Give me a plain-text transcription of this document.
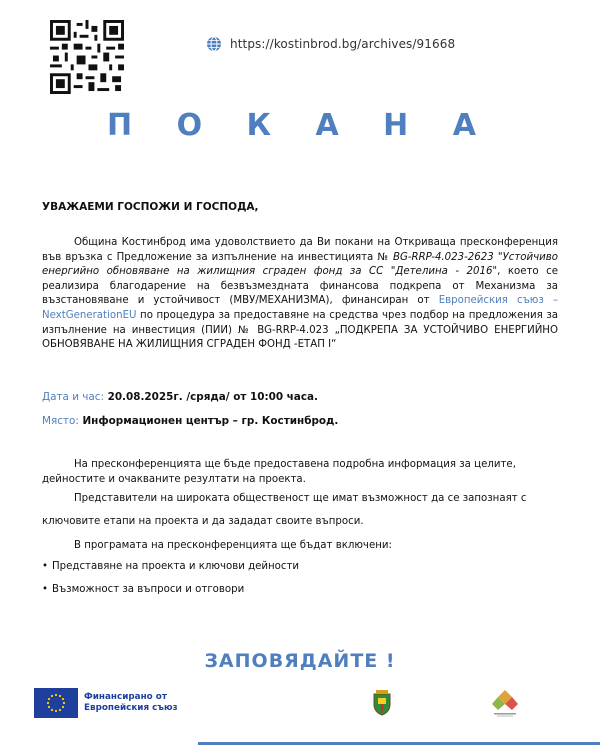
https://kostinbrod.bg/archives/91668
П О К А Н А
УВАЖАЕМИ ГОСПОЖИ И ГОСПОДА,
Община Костинброд има удоволствието да Ви покани на Откриваща пресконференция във връзка с Предложение за изпълнение на инвестицията № BG-RRP-4.023-2623 "Устойчиво енергийно обновяване на жилищния сграден фонд за СС "Детелина - 2016", което се реализира благодарение на безвъзмездната финансова подкрепа от Механизма за възстановяване и устойчивост (МВУ/МЕХАНИЗМА), финансиран от Европейския съюз – NextGenerationEU по процедура за предоставяне на средства чрез подбор на предложения за изпълнение на инвестиция (ПИИ) № BG-RRP-4.023 „ПОДКРЕПА ЗА УСТОЙЧИВО ЕНЕРГИЙНО ОБНОВЯВАНЕ НА ЖИЛИЩНИЯ СГРАДЕН ФОНД -ЕТАП I“
Дата и час: 20.08.2025г. /сряда/ от 10:00 часа.
Място: Информационен център – гр. Костинброд.
На пресконференцията ще бъде предоставена подробна информация за целите, дейностите и очакваните резултати на проекта.
Представители на широката общественост ще имат възможност да се запознаят с
ключовите етапи на проекта и да зададат своите въпроси.
В програмата на пресконференцията ще бъдат включени:
• Представяне на проекта и ключови дейности
• Възможност за въпроси и отговори
ЗАПОВЯДАЙТЕ !
Финансирано от
Европейския съюз
